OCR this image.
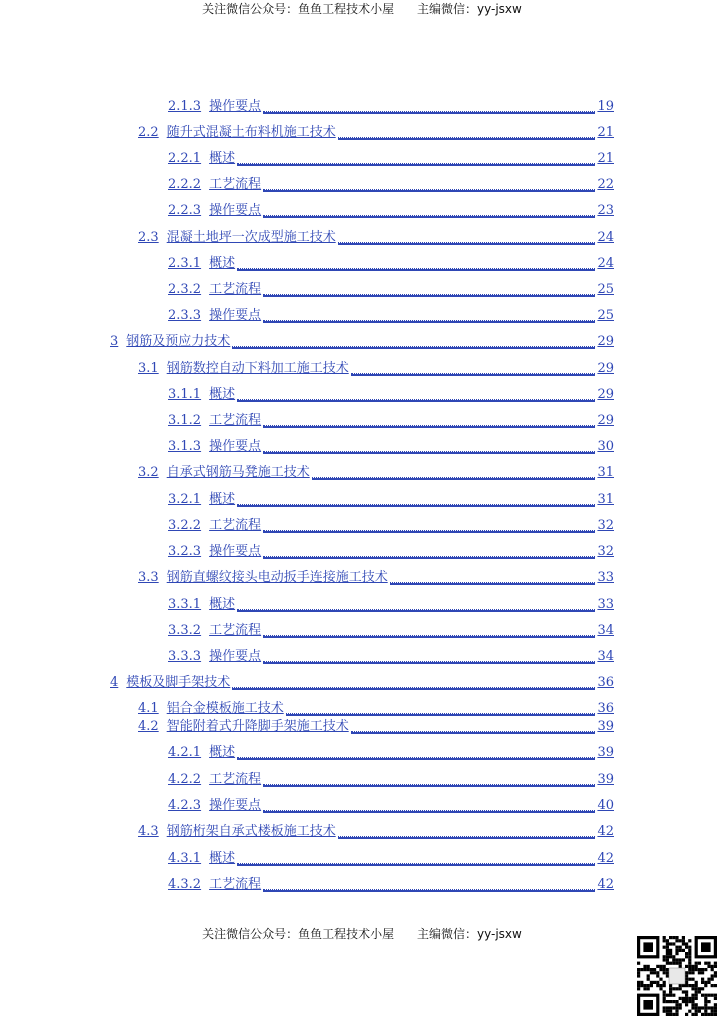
关注微信公众号：鱼鱼工程技术小屋      主编微信：yy-jsxw
2.1.3 操作要点	19
2.2 随升式混凝土布料机施工技术	21
2.2.1 概述	21
2.2.2 工艺流程	22
2.2.3 操作要点	23
2.3 混凝土地坪一次成型施工技术	24
2.3.1 概述	24
2.3.2 工艺流程	25
2.3.3 操作要点	25
3 钢筋及预应力技术	29
3.1 钢筋数控自动下料加工施工技术	29
3.1.1 概述	29
3.1.2 工艺流程	29
3.1.3 操作要点	30
3.2 自承式钢筋马凳施工技术	31
3.2.1 概述	31
3.2.2 工艺流程	32
3.2.3 操作要点	32
3.3 钢筋直螺纹接头电动扳手连接施工技术	33
3.3.1 概述	33
3.3.2 工艺流程	34
3.3.3 操作要点	34
4 模板及脚手架技术	36
4.1 铝合金模板施工技术	36
4.2 智能附着式升降脚手架施工技术	39
4.2.1 概述	39
4.2.2 工艺流程	39
4.2.3 操作要点	40
4.3 钢筋桁架自承式楼板施工技术	42
4.3.1 概述	42
4.3.2 工艺流程	42
关注微信公众号：鱼鱼工程技术小屋      主编微信：yy-jsxw
